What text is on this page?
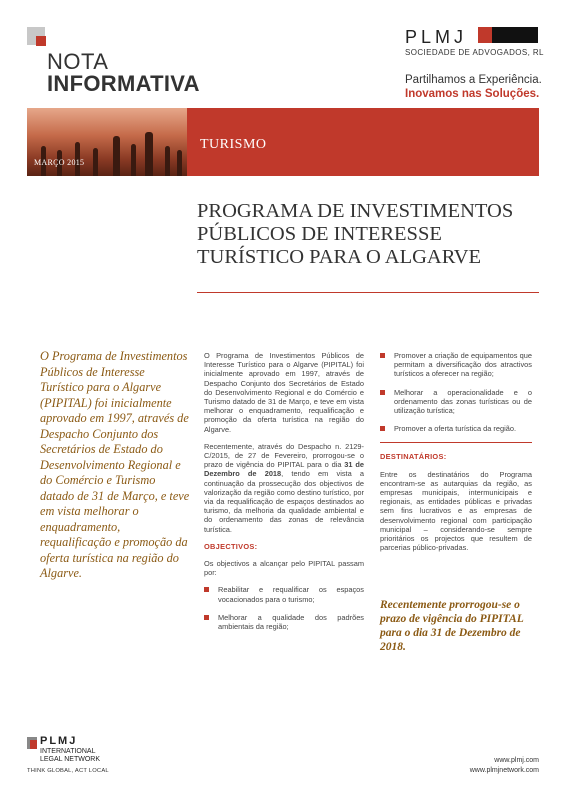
NOTA
INFORMATIVA
PLMJ
SOCIEDADE DE ADVOGADOS, RL
Partilhamos a Experiência.
Inovamos nas Soluções.
MARÇO 2015
TURISMO
PROGRAMA DE INVESTIMENTOS
PÚBLICOS DE INTERESSE
TURÍSTICO PARA O ALGARVE
O Programa de Investimentos Públicos de Interesse Turístico para o Algarve (PIPITAL) foi inicialmente aprovado em 1997, através de Despacho Conjunto dos Secretários de Estado do Desenvolvimento Regional e do Comércio e Turismo datado de 31 de Março, e teve em vista melhorar o enquadramento, requalificação e promoção da oferta turística na região do Algarve.

O Programa de Investimentos Públicos de Interesse Turístico para o Algarve (PIPITAL) foi inicialmente aprovado em 1997, através de Despacho Conjunto dos Secretários de Estado do Desenvolvimento Regional e do Comércio e Turismo datado de 31 de Março, e teve em vista melhorar o enquadramento, requalificação e promoção da oferta turística na região do Algarve.

Recentemente, através do Despacho n. 2129-C/2015, de 27 de Fevereiro, prorrogou-se o prazo de vigência do PIPITAL para o dia 31 de Dezembro de 2018, tendo em vista a continuação da prossecução dos objectivos de valorização da região como destino turístico, por via da requalificação de espaços destinados ao turismo, da melhoria da qualidade ambiental e do ordenamento das zonas de relevância turística.

OBJECTIVOS:

Os objectivos a alcançar pelo PIPITAL passam por:

Reabilitar e requalificar os espaços vocacionados para o turismo;
Melhorar a qualidade dos padrões ambientais da região;
Promover a criação de equipamentos que permitam a diversificação dos atractivos turísticos a oferecer na região;
Melhorar a operacionalidade e o ordenamento das zonas turísticas ou de utilização turística;
Promover a oferta turística da região.
DESTINATÁRIOS:

Entre os destinatários do Programa encontram-se as autarquias da região, as empresas municipais, intermunicipais e regionais, as entidades públicas e privadas sem fins lucrativos e as empresas de desenvolvimento regional com participação municipal – considerando-se sempre prioritários os projectos que resultem de parcerias público-privadas.

Recentemente prorrogou-se o prazo de vigência do PIPITAL para o dia 31 de Dezembro de 2018.
PLMJ
INTERNATIONAL
LEGAL NETWORK
THINK GLOBAL, ACT LOCAL
www.plmj.com
www.plmjnetwork.com
